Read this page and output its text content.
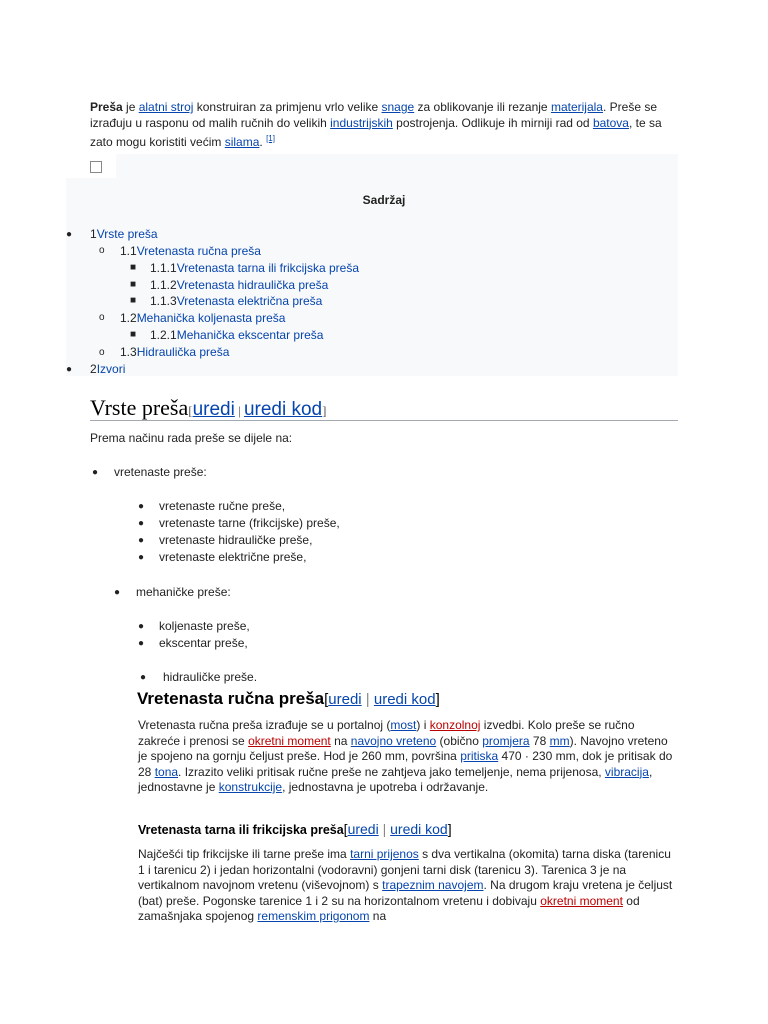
Preša je alatni stroj konstruiran za primjenu vrlo velike snage za oblikovanje ili rezanje materijala. Preše se izrađuju u rasponu od malih ručnih do velikih industrijskih postrojenja. Odlikuje ih mirniji rad od batova, te sa zato mogu koristiti većim silama. [1]
Sadržaj
● 1Vrste preša
o 1.1Vretenasta ručna preša
■ 1.1.1Vretenasta tarna ili frikcijska preša
■ 1.1.2Vretenasta hidraulička preša
■ 1.1.3Vretenasta električna preša
o 1.2Mehanička koljenasta preša
■ 1.2.1Mehanička ekscentar preša
o 1.3Hidraulička preša
● 2Izvori
Vrste preša[uredi | uredi kod]
Prema načinu rada preše se dijele na:
● vretenaste preše:
● vretenaste ručne preše,
● vretenaste tarne (frikcijske) preše,
● vretenaste hidrauličke preše,
● vretenaste električne preše,
● mehaničke preše:
● koljenaste preše,
● ekscentar preše,
● hidrauličke preše.
Vretenasta ručna preša[uredi | uredi kod]
Vretenasta ručna preša izrađuje se u portalnoj (most) i konzolnoj izvedbi. Kolo preše se ručno zakreće i prenosi se okretni moment na navojno vreteno (obično promjera 78 mm). Navojno vreteno je spojeno na gornju čeljust preše. Hod je 260 mm, površina pritiska 470 · 230 mm, dok je pritisak do 28 tona. Izrazito veliki pritisak ručne preše ne zahtjeva jako temeljenje, nema prijenosa, vibracija, jednostavne je konstrukcije, jednostavna je upotreba i održavanje.
Vretenasta tarna ili frikcijska preša[uredi | uredi kod]
Najčešći tip frikcijske ili tarne preše ima tarni prijenos s dva vertikalna (okomita) tarna diska (tarenicu 1 i tarenicu 2) i jedan horizontalni (vodoravni) gonjeni tarni disk (tarenicu 3). Tarenica 3 je na vertikalnom navojnom vretenu (viševojnom) s trapeznim navojem. Na drugom kraju vretena je čeljust (bat) preše. Pogonske tarenice 1 i 2 su na horizontalnom vretenu i dobivaju okretni moment od zamašnjaka spojenog remenskim prigonom na
